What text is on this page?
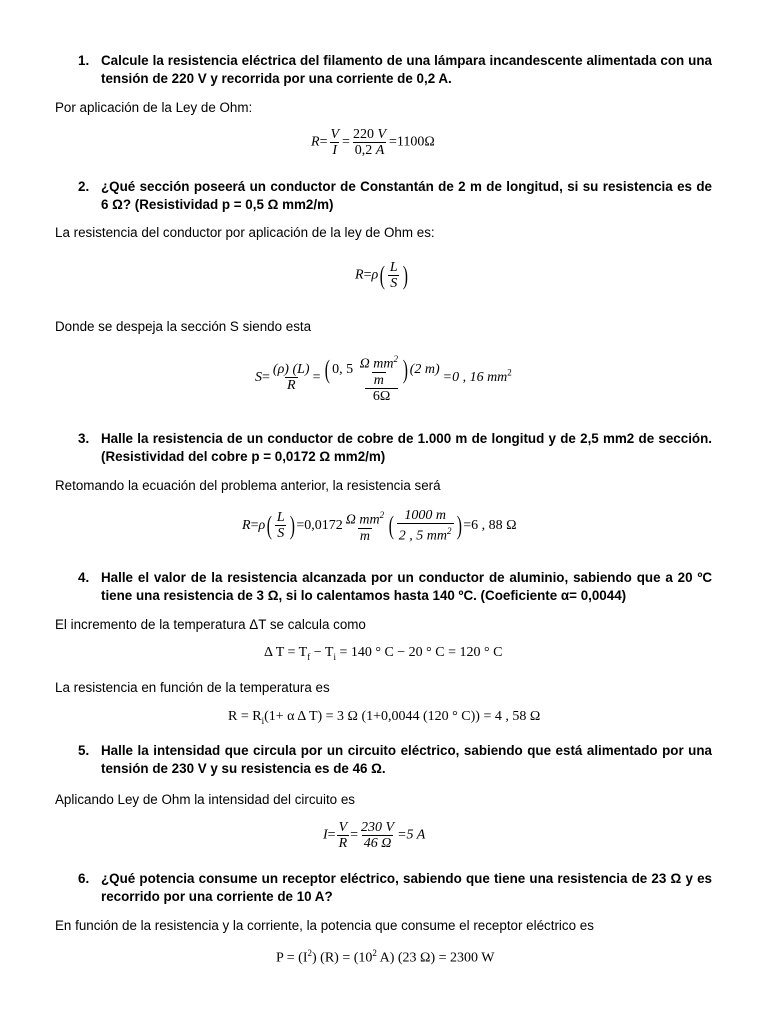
1. Calcule la resistencia eléctrica del filamento de una lámpara incandescente alimentada con una tensión de 220 V y recorrida por una corriente de 0,2 A.
Por aplicación de la Ley de Ohm:
$R= \frac{V}{I} = \frac{220 V}{0,2 A} =1100\Omega$
2. ¿Qué sección poseerá un conductor de Constantán de 2 m de longitud, si su resistencia es de 6 Ω? (Resistividad p = 0,5 Ω mm2/m)
La resistencia del conductor por aplicación de la ley de Ohm es:
$R=\rho( \frac{L}{S}$ )
Donde se despeja la sección S siendo esta
$S= \frac{(\rho) (L)}{R} = \frac{( 0, 5 \frac{\Omega mm^2}{m} ) (2 m)}{6\Omega} =0$ , 16 $mm^2$
3. Halle la resistencia de un conductor de cobre de 1.000 m de longitud y de 2,5 mm2 de sección. (Resistividad del cobre p = 0,0172 Ω mm2/m)
Retomando la ecuación del problema anterior, la resistencia será
$R=\rho( \frac{L}{S}$ ) $=0,0172 \frac{\Omega mm^2}{m}$ ( $\frac{1000 m}{2 , 5 mm^2}$ ) =6 , 88 Ω
4. Halle el valor de la resistencia alcanzada por un conductor de aluminio, sabiendo que a 20 ºC tiene una resistencia de 3 Ω, si lo calentamos hasta 140 ºC. (Coeficiente α= 0,0044)
El incremento de la temperatura ΔT se calcula como
Δ $T = T_f - T_i = 140$ ° C − 20 ° C = 120 ° C
La resistencia en función de la temperatura es
$R = R_i(1+ \alpha$ Δ T) = 3 Ω (1+0,0044 (120 ° C)) = 4 , 58 Ω
5. Halle la intensidad que circula por un circuito eléctrico, sabiendo que está alimentado por una tensión de 230 V y su resistencia es de 46 Ω.
Aplicando Ley de Ohm la intensidad del circuito es
$I= \frac{V}{R} = \frac{230 V}{46 \Omega} =5$ A
6. ¿Qué potencia consume un receptor eléctrico, sabiendo que tiene una resistencia de 23 Ω y es recorrido por una corriente de 10 A?
En función de la resistencia y la corriente, la potencia que consume el receptor eléctrico es
$P = (I^2) (R) = (10^2$ A) (23 Ω) = 2300 W
